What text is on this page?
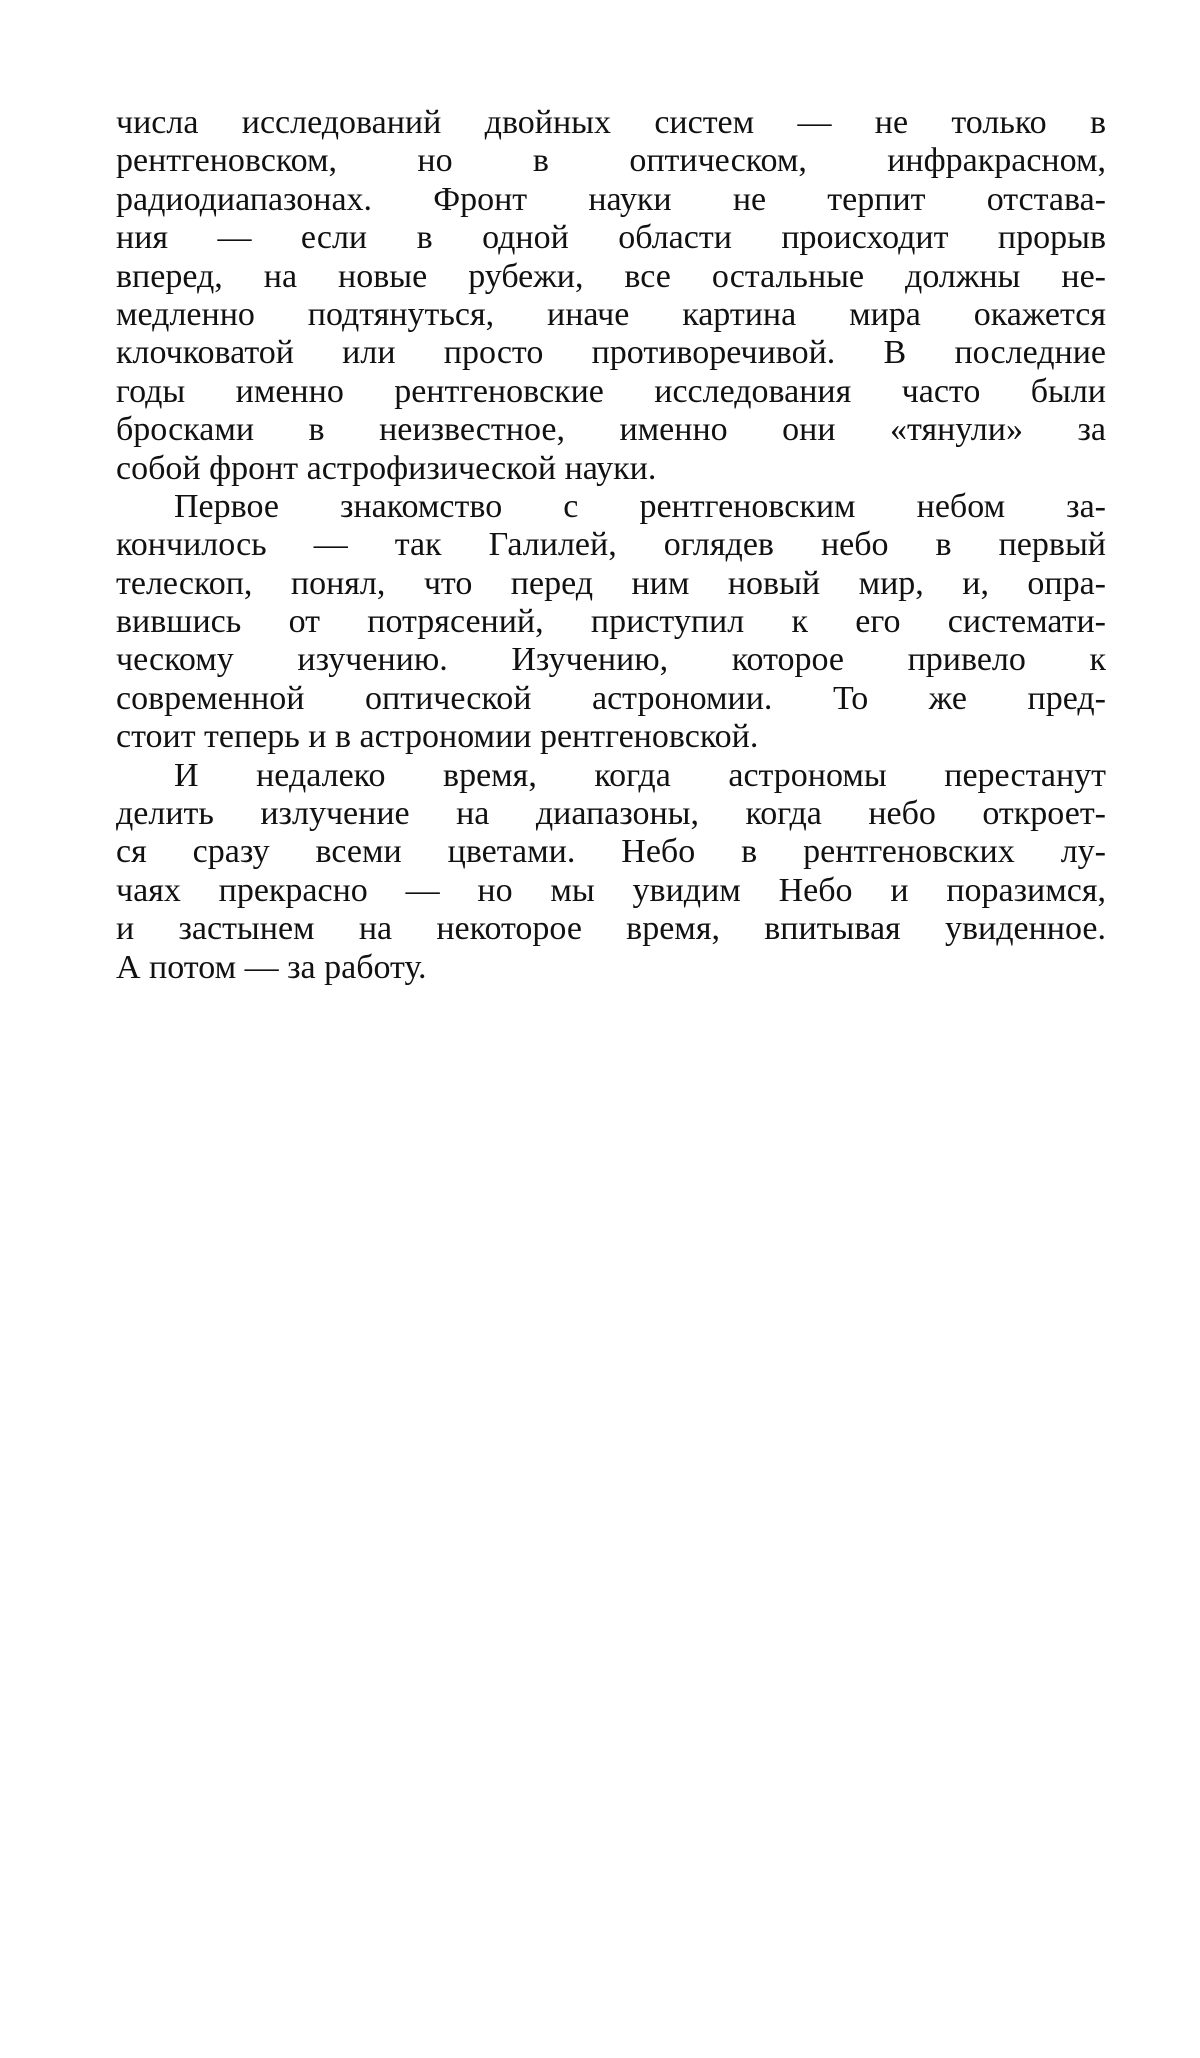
числа исследований двойных систем — не только в
рентгеновском, но в оптическом, инфракрасном,
радиодиапазонах. Фронт науки не терпит отстава-
ния — если в одной области происходит прорыв
вперед, на новые рубежи, все остальные должны не-
медленно подтянуться, иначе картина мира окажется
клочковатой или просто противоречивой. В последние
годы именно рентгеновские исследования часто были
бросками в неизвестное, именно они «тянули» за
собой фронт астрофизической науки.
Первое знакомство с рентгеновским небом за-
кончилось — так Галилей, оглядев небо в первый
телескоп, понял, что перед ним новый мир, и, опра-
вившись от потрясений, приступил к его системати-
ческому изучению. Изучению, которое привело к
современной оптической астрономии. То же пред-
стоит теперь и в астрономии рентгеновской.
И недалеко время, когда астрономы перестанут
делить излучение на диапазоны, когда небо откроет-
ся сразу всеми цветами. Небо в рентгеновских лу-
чаях прекрасно — но мы увидим Небо и поразимся,
и застынем на некоторое время, впитывая увиденное.
А потом — за работу.
